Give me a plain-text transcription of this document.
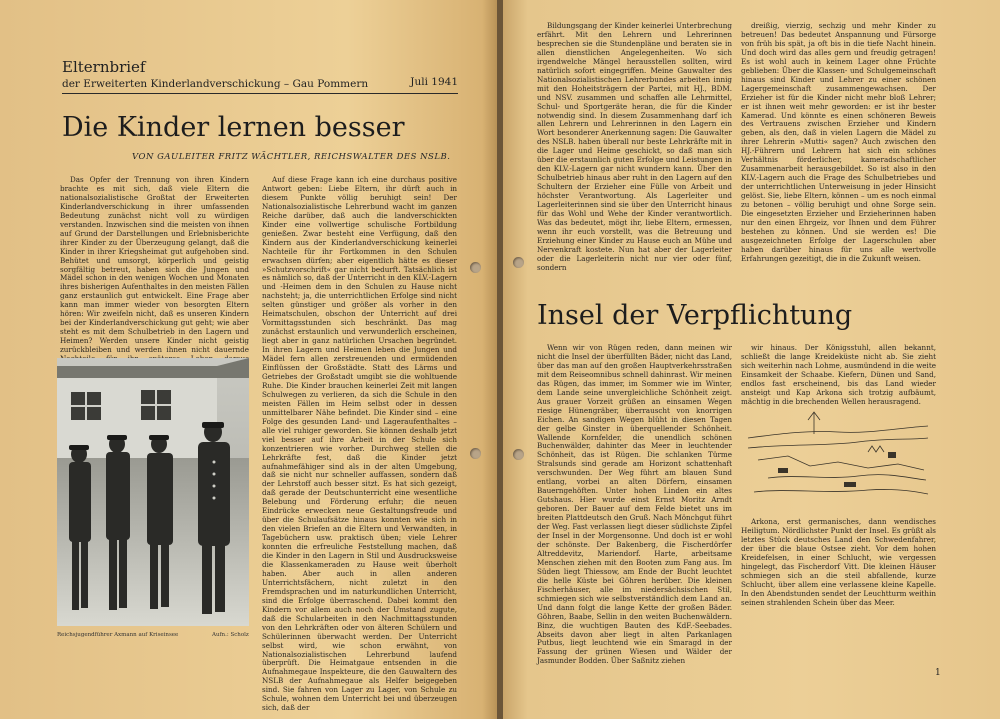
Elternbrief
der Erweiterten Kinderlandverschickung – Gau Pommern	Juli 1941
Die Kinder lernen besser
VON GAULEITER FRITZ WÄCHTLER, REICHSWALTER DES NSLB.

Das Opfer der Trennung von ihren Kindern brachte es mit sich, daß viele Eltern die nationalsozialistische Großtat der Erweiterten Kinderlandverschickung in ihrer umfassenden Bedeutung zunächst nicht voll zu würdigen verstanden. Inzwischen sind die meisten von ihnen auf Grund der Darstellungen und Erlebnisberichte ihrer Kinder zu der Überzeugung gelangt, daß die Kinder in ihrer Kriegsheimat gut aufgehoben sind. Behütet und umsorgt, körperlich und geistig sorgfältig betreut, haben sich die Jungen und Mädel schon in den wenigen Wochen und Monaten ihres bisherigen Aufenthaltes in den meisten Fällen ganz erstaunlich gut entwickelt. Eine Frage aber kann man immer wieder von besorgten Eltern hören: Wir zweifeln nicht, daß es unseren Kindern bei der Kinderlandverschickung gut geht; wie aber steht es mit dem Schulbetrieb in den Lagern und Heimen? Werden unsere Kinder nicht geistig zurückbleiben und werden ihnen nicht dauernde

Auf diese Frage kann ich eine durchaus positive Antwort geben: Liebe Eltern, ihr dürft auch in diesem Punkte völlig beruhigt sein! Der Nationalsozialistische Lehrerbund wacht im ganzen Reiche darüber, daß auch die landverschickten Kinder eine vollwertige schulische Fortbildung genießen. Zwar besteht eine Verfügung, daß den Kindern aus der Kinderlandverschickung keinerlei Nachteile für ihr Fortkommen in den Schulen erwachsen dürfen; aber eigentlich hätte es dieser »Schutzvorschrift« gar nicht bedurft. Tatsächlich ist es nämlich so, daß der Unterricht in den KLV.-Lagern und -Heimen dem in den Schulen zu Hause nicht nachsteht; ja, die unterrichtlichen Erfolge sind nicht selten günstiger und größer als vorher in den Heimatschulen, obschon der Unterricht auf drei Vormittagsstunden sich beschränkt. Das mag zunächst erstaunlich und verwunderlich erscheinen, liegt aber in ganz natürlichen Ursachen begründet. In ihren Lagern und Heimen leben die Jungen und Mädel fern allen zerstreuenden und ermüdenden Einflüssen der Großstädte. Statt des Lärms und Getriebes der Großstadt umgibt sie die wohltuende Ruhe. Die Kinder brauchen keinerlei Zeit mit langen Schulwegen zu verlieren, da sich die Schule in den meisten Fällen im Heim selbst oder in dessen unmittelbarer Nähe befindet. Die Kinder sind – eine Folge des gesunden Land- und Lageraufenthaltes – alle viel ruhiger geworden. Sie können deshalb jetzt viel besser auf ihre Arbeit in der Schule sich konzentrieren wie vorher. Durchweg stellen die Lehrkräfte fest, daß die Kinder jetzt aufnahmefähiger sind als in der alten Umgebung, daß sie nicht nur schneller auffassen, sondern daß der Lehrstoff auch besser sitzt. Es hat sich gezeigt, daß gerade der Deutschunterricht eine wesentliche Belebung und Förderung erfuhr; die neuen Eindrücke erwecken neue Gestaltungsfreude und über die Schulaufsätze hinaus konnten wie sich in den vielen Briefen an die Eltern und Verwandten, in Tagebüchern usw. praktisch üben; viele Lehrer konnten die erfreuliche Feststellung machen, daß die Kinder in den Lagern in Stil und Ausdrucksweise die Klassenkameraden zu Hause weit überholt haben. Aber auch in allen anderen Unterrichtsfächern, nicht zuletzt in den Fremdsprachen und im naturkundlichen Unterricht, sind die Erfolge überraschend. Dabei kommt den Kindern vor allem auch noch der Umstand zugute, daß die Schularbeiten in den Nachmittagsstunden von den Lehrkräften oder von älteren Schülern und Schülerinnen überwacht werden. Der Unterricht selbst wird, wie schon erwähnt, von Nationalsozialistischen Lehrerbund laufend überprüft. Die Heimatgaue entsenden in die Aufnahmegaue Inspekteure, die den Gauwaltern des NSLB der Aufnahmegaue als Helfer beigegeben sind. Sie fahren von Lager zu Lager, von Schule zu Schule, wohnen dem Unterricht bei und überzeugen sich, daß der

Reichsjugendführer Axmann auf Kriseinsee	Aufn.: Scholz

Bildungsgang der Kinder keinerlei Unterbrechung erfährt. Mit den Lehrern und Lehrerinnen besprechen sie die Stundenpläne und beraten sie in allen dienstlichen Angelegenheiten. Wo sich irgendwelche Mängel herausstellen sollten, wird natürlich sofort eingegriffen. Meine Gauwalter des Nationalsozialistischen Lehrerbundes arbeiten innig mit den Hoheitsträgern der Partei, mit HJ., BDM. und NSV. zusammen und schaffen alle Lehrmittel, Schul- und Sportgeräte heran, die für die Kinder notwendig sind. In diesem Zusammenhang darf ich allen Lehrern und Lehrerinnen in den Lagern ein Wort besonderer Anerkennung sagen: Die Gauwalter des NSLB. haben überall nur beste Lehrkräfte mit in die Lager und Heime geschickt, so daß man sich über die erstaunlich guten Erfolge und Leistungen in den KLV.-Lagern gar nicht wundern kann. Über den Schulbetrieb hinaus aber ruht in den Lagern auf den Schultern der Erzieher eine Fülle von Arbeit und höchster Verantwortung. Als Lagerleiter und Lagerleiterinnen sind sie über den Unterricht hinaus für das Wohl und Wehe der Kinder verantwortlich. Was das bedeutet, mögt ihr, liebe Eltern, ermessen, wenn ihr euch vorstellt, was die Betreuung und Erziehung einer Kinder zu Hause euch an Mühe und Nervenkraft kostete. Nun hat aber der Lagerleiter oder die Lagerleiterin nicht nur vier oder fünf, sondern

dreißig, vierzig, sechzig und mehr Kinder zu betreuen! Das bedeutet Anspannung und Fürsorge von früh bis spät, ja oft bis in die tiefe Nacht hinein. Und doch wird das alles gern und freudig getragen! Es ist wohl auch in keinem Lager ohne Früchte geblieben: Über die Klassen- und Schulgemeinschaft hinaus sind Kinder und Lehrer zu einer schönen Lagergemeinschaft zusammengewachsen. Der Erzieher ist für die Kinder nicht mehr bloß Lehrer; er ist ihnen weit mehr geworden: er ist ihr bester Kamerad. Und könnte es einen schöneren Beweis des Vertrauens zwischen Erzieher und Kindern geben, als den, daß in vielen Lagern die Mädel zu ihrer Lehrerin »Mutti« sagen? Auch zwischen den HJ.-Führern und Lehrern hat sich ein schönes Verhältnis förderlicher, kameradschaftlicher Zusammenarbeit herausgebildet. So ist also in den KLV.-Lagern auch die Frage des Schulbetriebes und der unterrichtlichen Unterweisung in jeder Hinsicht gelöst. Sie, liebe Eltern, können – um es noch einmal zu betonen – völlig beruhigt und ohne Sorge sein. Die eingesetzten Erzieher und Erzieherinnen haben nur den einen Ehrgeiz, vor Ihnen und dem Führer bestehen zu können. Und sie werden es! Die ausgezeichneten Erfolge der Lagerschulen aber haben darüber hinaus für uns alle wertvolle Erfahrungen gezeitigt, die in die Zukunft weisen.

Insel der Verpflichtung

Wenn wir von Rügen reden, dann meinen wir nicht die Insel der überfüllten Bäder, nicht das Land, über das man auf den großen Hauptverkehrsstraßen mit dem Reiseomnibus schnell dahinrast. Wir meinen das Rügen, das immer, im Sommer wie im Winter, dem Lande seine unvergleichliche Schönheit zeigt. Aus grauer Vorzeit grüßen an einsamen Wegen riesige Hünengräber, überrauscht von knorrigen Eichen. An sandigen Wegen blüht in diesen Tagen der gelbe Ginster in überquellender Schönheit. Wallende Kornfelder, die unendlich schönen Buchenwälder, dahinter das Meer in leuchtender Schönheit, das ist Rügen. Die schlanken Türme Stralsunds sind gerade am Horizont schattenhaft verschwunden. Der Weg führt am blauen Sund entlang, vorbei an alten Dörfern, einsamen Bauerngehöften. Unter hohen Linden ein altes Gutshaus. Hier wurde einst Ernst Moritz Arndt geboren. Der Bauer auf dem Felde bietet uns im breiten Plattdeutsch den Gruß. Nach Mönchgut führt der Weg. Fast verlassen liegt dieser südlichste Zipfel der Insel in der Morgensonne. Und doch ist er wohl der schönste. Der Bakenberg, die Fischerdörfer Altreddevitz, Mariendorf. Harte, arbeitsame Menschen ziehen mit den Booten zum Fang aus. Im Süden liegt Thiessow, am Ende der Bucht leuchtet die helle Küste bei Göhren herüber. Die kleinen Fischerhäuser, alle im niedersächsischen Stil, schmiegen sich wie selbstverständlich dem Land an. Und dann folgt die lange Kette der großen Bäder. Göhren, Baabe, Sellin in den weiten Buchenwäldern. Binz, die wuchtigen Bauten des KdF.-Seebades. Abseits davon aber liegt in alten Parkanlagen Putbus, liegt leuchtend wie ein Smaragd in der Fassung der grünen Wiesen und Wälder der Jasmunder Bodden. Über Saßnitz ziehen

wir hinaus. Der Königsstuhl, allen bekannt, schließt die lange Kreideküste nicht ab. Sie zieht sich weiterhin nach Lohme, ausmündend in die weite Einsamkeit der Schaabe. Kiefern, Dünen und Sand, endlos fast erscheinend, bis das Land wieder ansteigt und Kap Arkona sich trotzig aufbäumt, mächtig in die brechenden Wellen herausragend.

Arkona, erst germanisches, dann wendisches Heiligtum. Nördlichster Punkt der Insel. Es grüßt als letztes Stück deutsches Land den Schwedenfahrer, der über die blaue Ostsee zieht. Vor dem hohen Kreidefelsen, in einer Schlucht, wie vergessen hingelegt, das Fischerdorf Vitt. Die kleinen Häuser schmiegen sich an die steil abfallende, kurze Schlucht, über allem eine verlassene kleine Kapelle. In den Abendstunden sendet der Leuchtturm weithin seinen strahlenden Schein über das Meer.

1
